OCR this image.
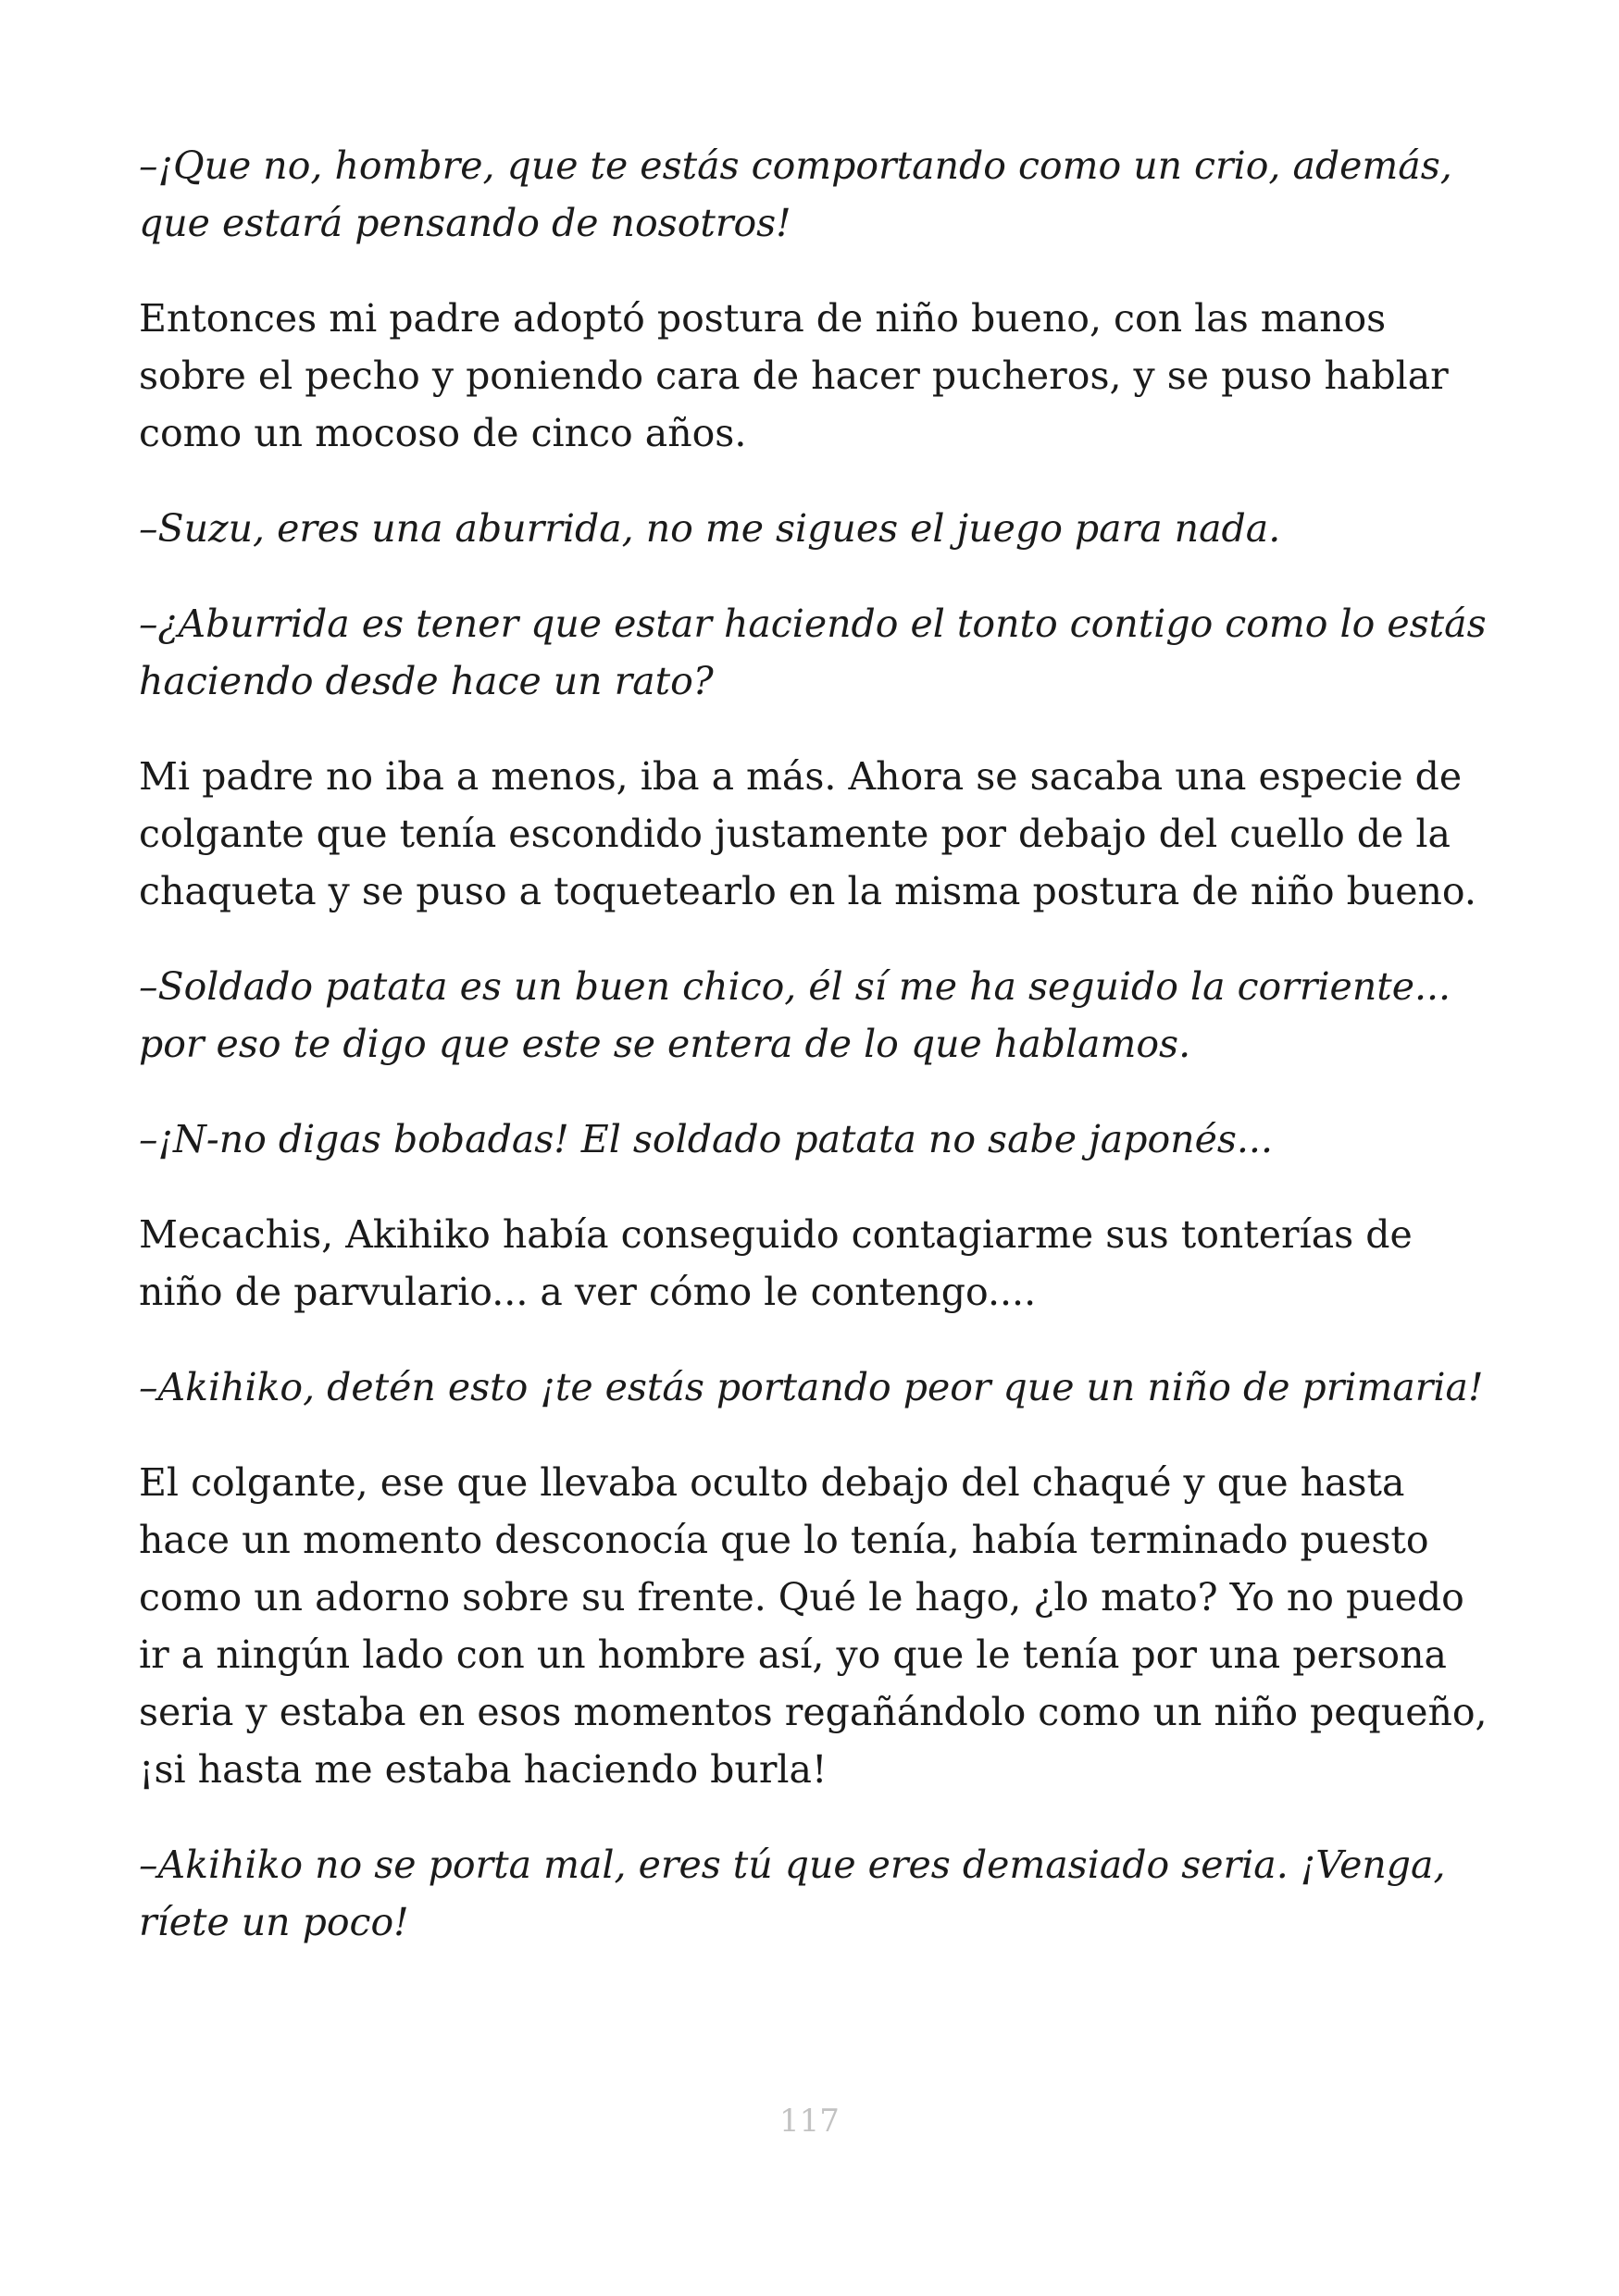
–¡Que no, hombre, que te estás comportando como un crio, además, que estará pensando de nosotros!

Entonces mi padre adoptó postura de niño bueno, con las manos sobre el pecho y poniendo cara de hacer pucheros, y se puso hablar como un mocoso de cinco años.

–Suzu, eres una aburrida, no me sigues el juego para nada.

–¿Aburrida es tener que estar haciendo el tonto contigo como lo estás haciendo desde hace un rato?

Mi padre no iba a menos, iba a más. Ahora se sacaba una especie de colgante que tenía escondido justamente por debajo del cuello de la chaqueta y se puso a toquetearlo en la misma postura de niño bueno.

–Soldado patata es un buen chico, él sí me ha seguido la corriente... por eso te digo que este se entera de lo que hablamos.

–¡N-no digas bobadas! El soldado patata no sabe japonés...

Mecachis, Akihiko había conseguido contagiarme sus tonterías de niño de parvulario... a ver cómo le contengo....

–Akihiko, detén esto ¡te estás portando peor que un niño de primaria!

El colgante, ese que llevaba oculto debajo del chaqué y que hasta hace un momento desconocía que lo tenía, había terminado puesto como un adorno sobre su frente. Qué le hago, ¿lo mato? Yo no puedo ir a ningún lado con un hombre así, yo que le tenía por una persona seria y estaba en esos momentos regañándolo como un niño pequeño, ¡si hasta me estaba haciendo burla!

–Akihiko no se porta mal, eres tú que eres demasiado seria. ¡Venga, ríete un poco!

117
